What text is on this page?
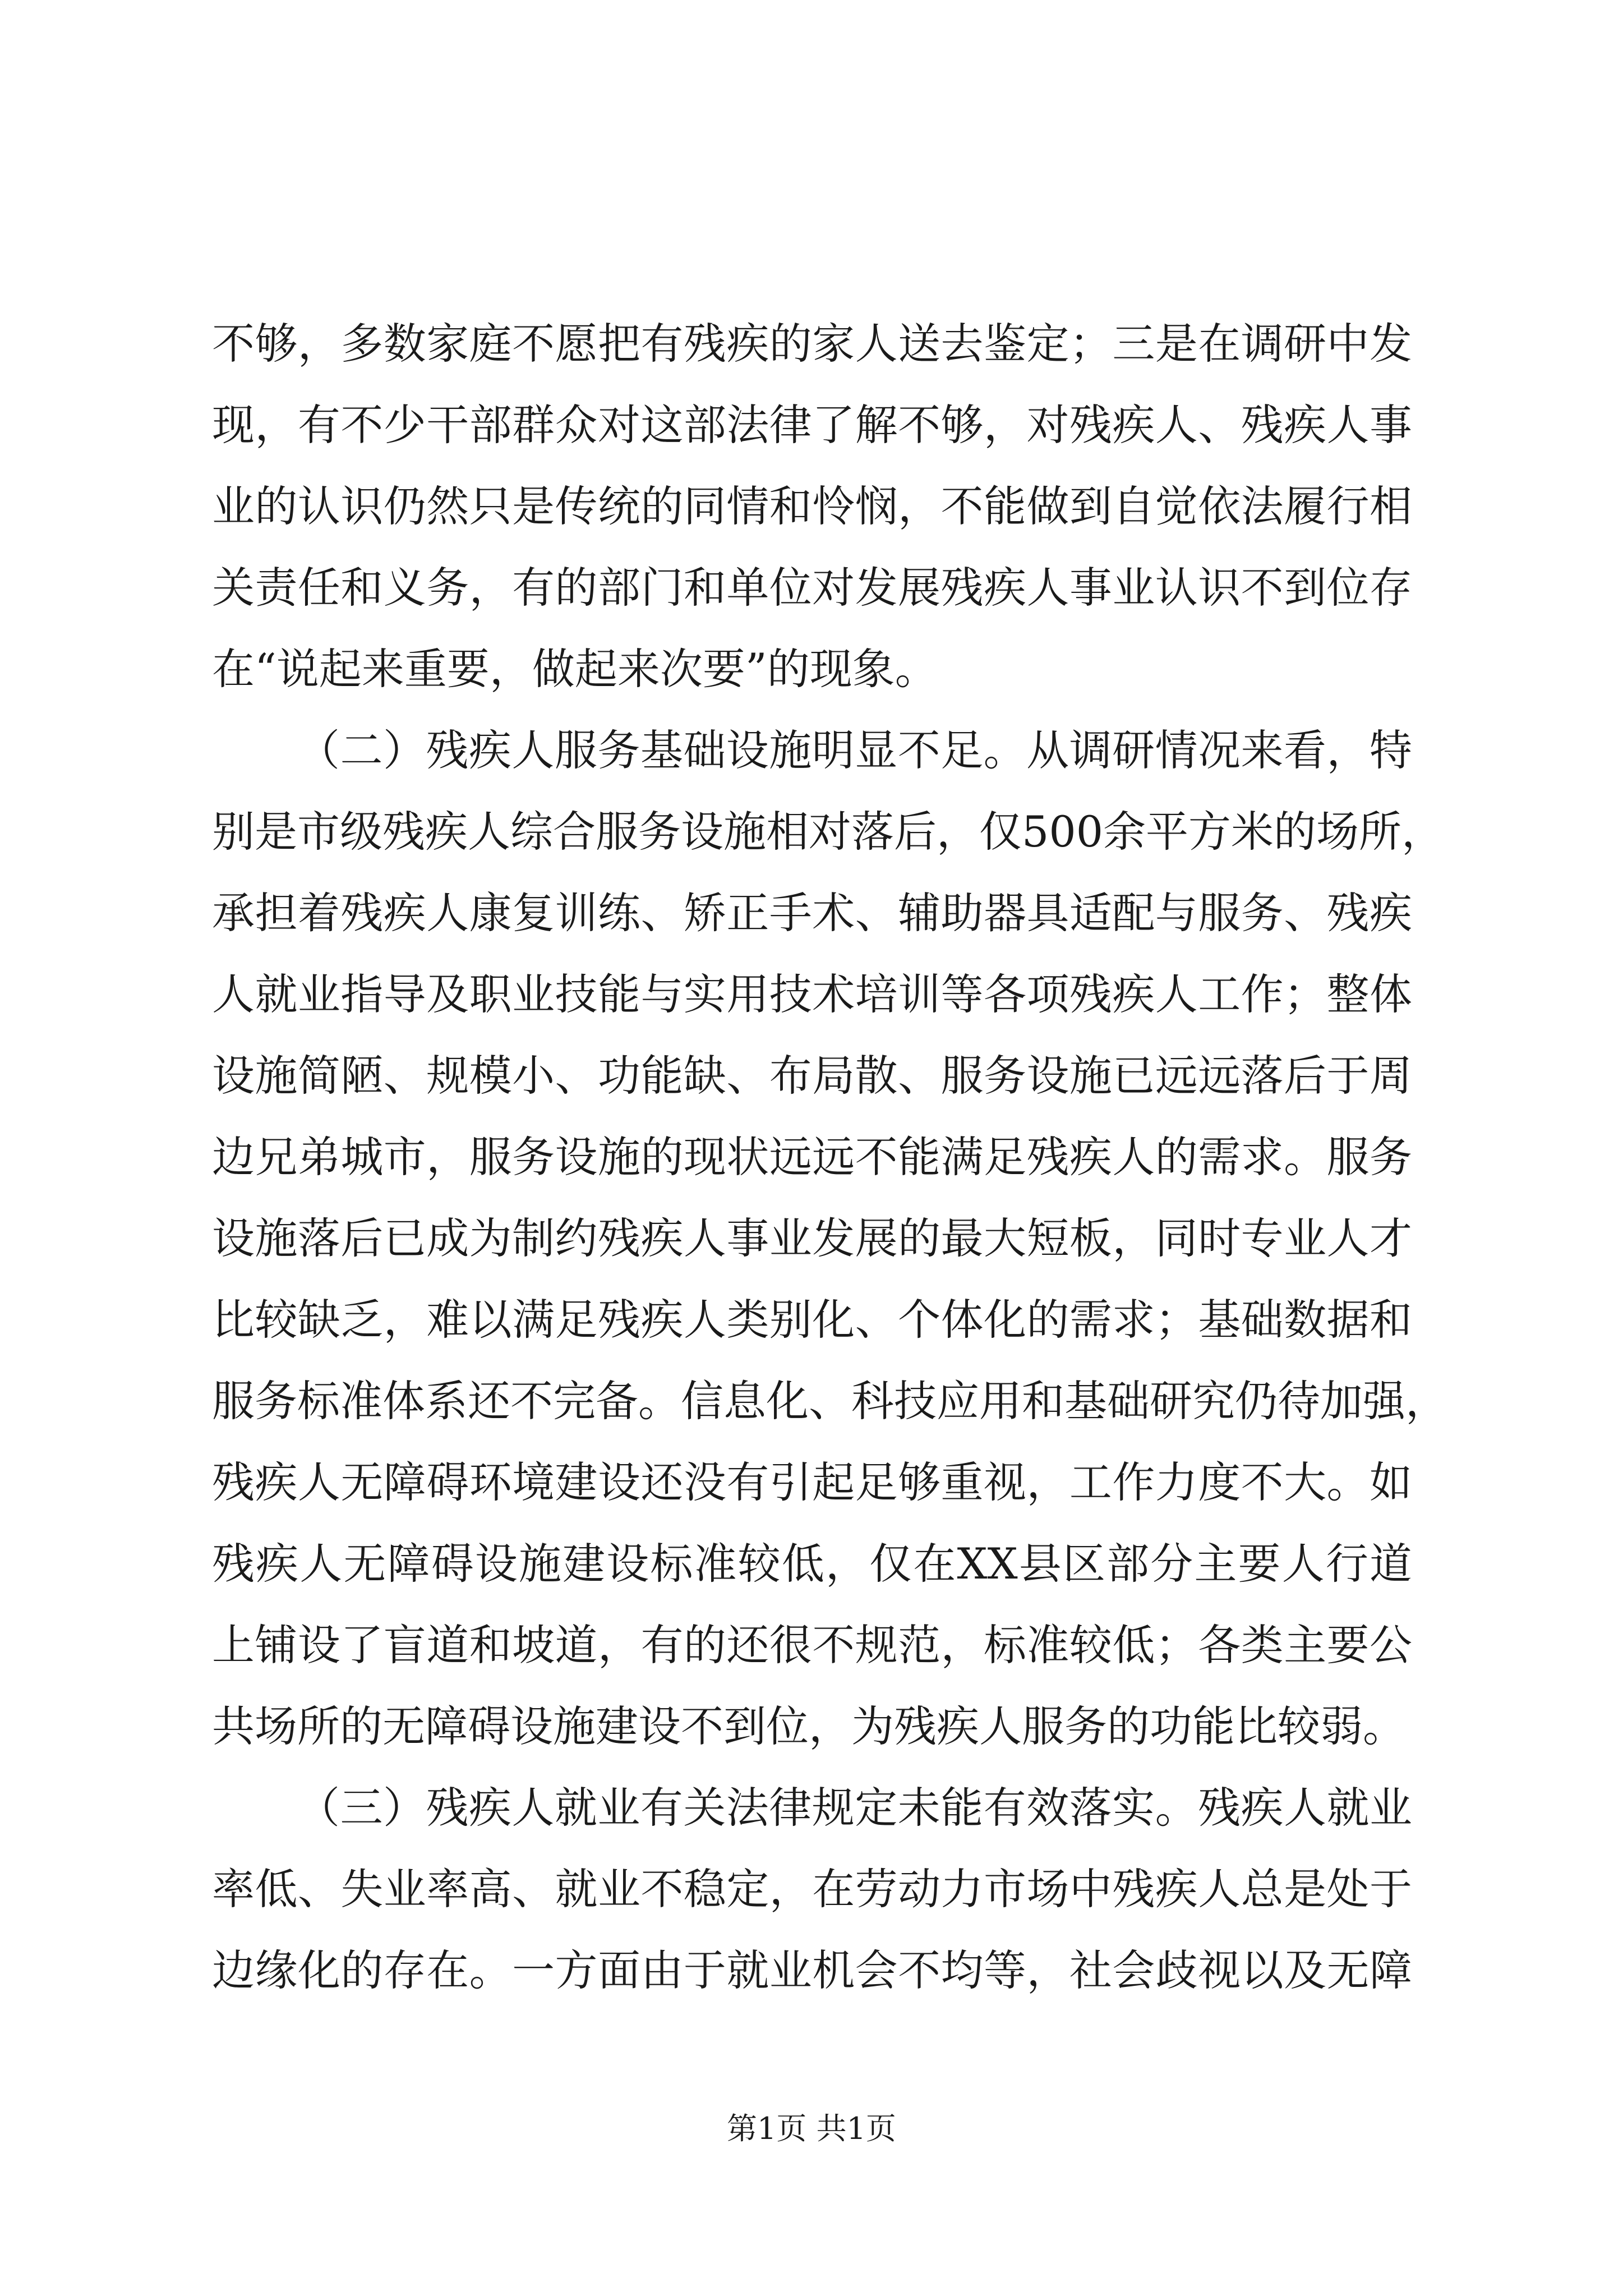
不够，多数家庭不愿把有残疾的家人送去鉴定；三是在调研中发
现，有不少干部群众对这部法律了解不够，对残疾人、残疾人事
业的认识仍然只是传统的同情和怜悯，不能做到自觉依法履行相
关责任和义务，有的部门和单位对发展残疾人事业认识不到位存
在“说起来重要，做起来次要”的现象。
（二）残疾人服务基础设施明显不足。从调研情况来看，特
别是市级残疾人综合服务设施相对落后，仅500余平方米的场所，
承担着残疾人康复训练、矫正手术、辅助器具适配与服务、残疾
人就业指导及职业技能与实用技术培训等各项残疾人工作；整体
设施简陋、规模小、功能缺、布局散、服务设施已远远落后于周
边兄弟城市，服务设施的现状远远不能满足残疾人的需求。服务
设施落后已成为制约残疾人事业发展的最大短板，同时专业人才
比较缺乏，难以满足残疾人类别化、个体化的需求；基础数据和
服务标准体系还不完备。信息化、科技应用和基础研究仍待加强，
残疾人无障碍环境建设还没有引起足够重视，工作力度不大。如
残疾人无障碍设施建设标准较低，仅在XX县区部分主要人行道
上铺设了盲道和坡道，有的还很不规范，标准较低；各类主要公
共场所的无障碍设施建设不到位，为残疾人服务的功能比较弱。
（三）残疾人就业有关法律规定未能有效落实。残疾人就业
率低、失业率高、就业不稳定，在劳动力市场中残疾人总是处于
边缘化的存在。一方面由于就业机会不均等，社会歧视以及无障
第1页 共1页
